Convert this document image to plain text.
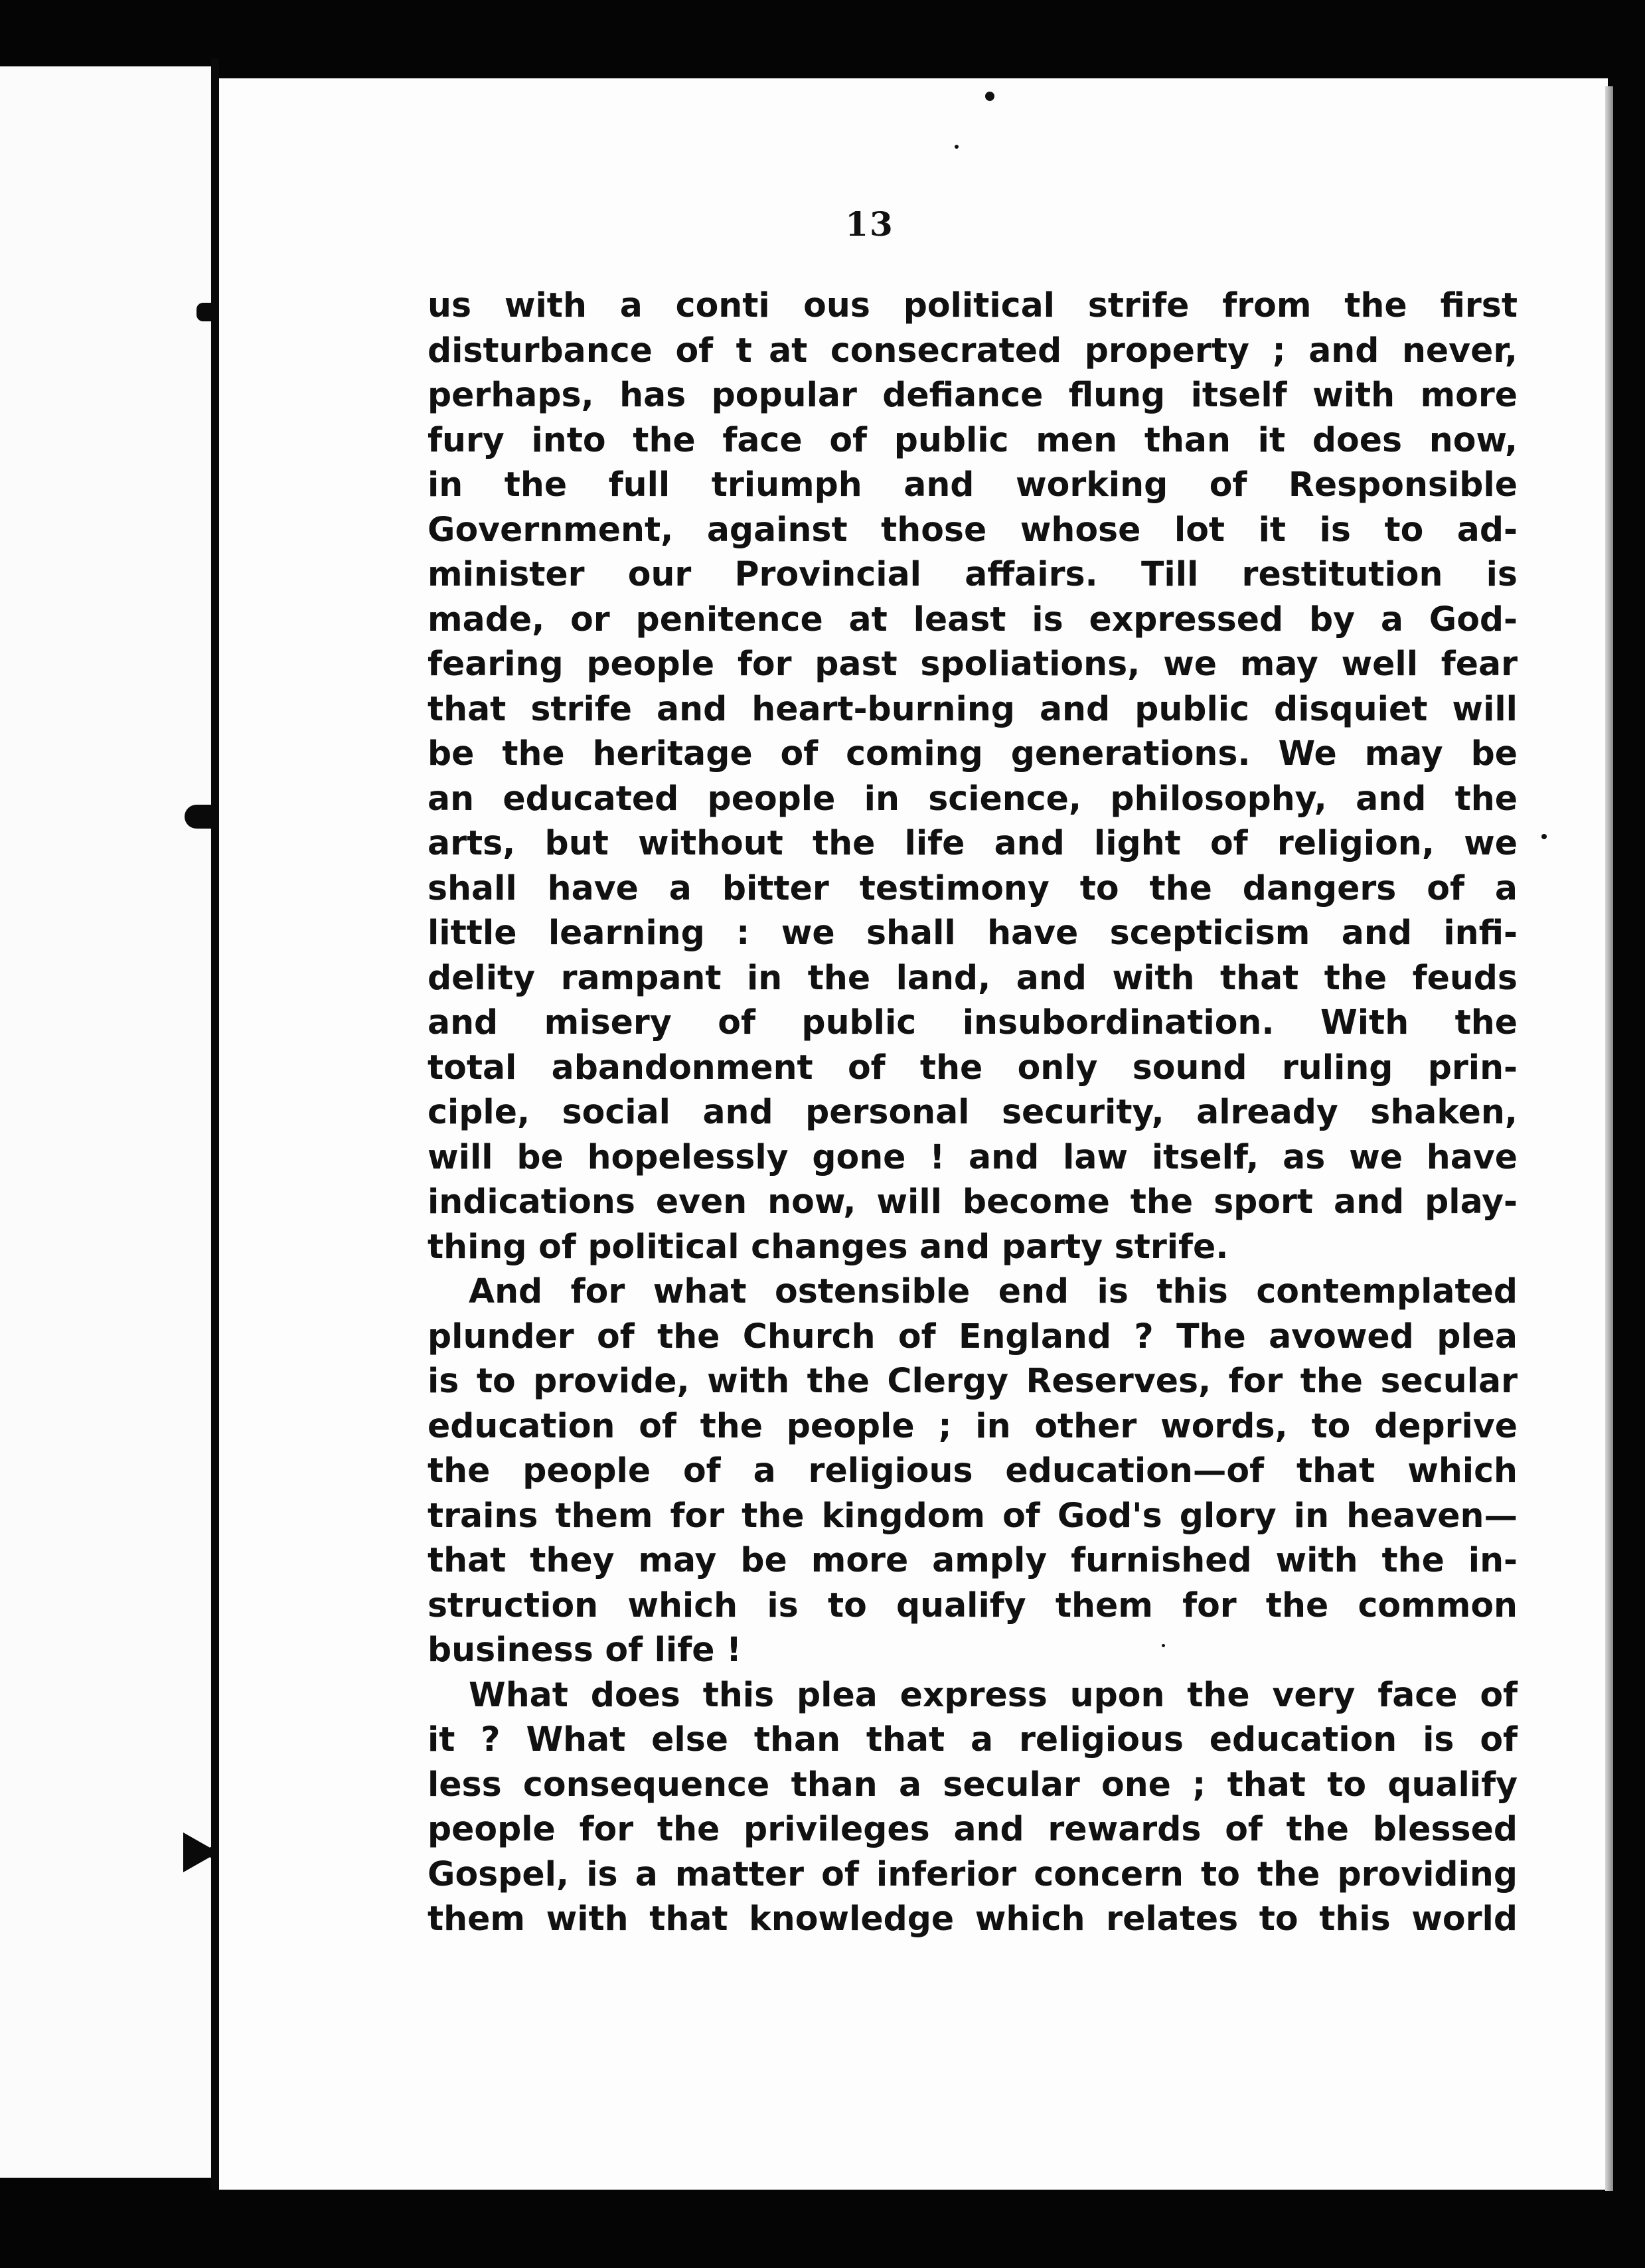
13
us with a conti ous political strife from the first
disturbance of t at consecrated property ; and never,
perhaps, has popular defiance flung itself with more
fury into the face of public men than it does now,
in the full triumph and working of Responsible
Government, against those whose lot it is to ad-
minister our Provincial affairs. Till restitution is
made, or penitence at least is expressed by a God-
fearing people for past spoliations, we may well fear
that strife and heart-burning and public disquiet will
be the heritage of coming generations. We may be
an educated people in science, philosophy, and the
arts, but without the life and light of religion, we
shall have a bitter testimony to the dangers of a
little learning : we shall have scepticism and infi-
delity rampant in the land, and with that the feuds
and misery of public insubordination. With the
total abandonment of the only sound ruling prin-
ciple, social and personal security, already shaken,
will be hopelessly gone ! and law itself, as we have
indications even now, will become the sport and play-
thing of political changes and party strife.
And for what ostensible end is this contemplated
plunder of the Church of England ? The avowed plea
is to provide, with the Clergy Reserves, for the secular
education of the people ; in other words, to deprive
the people of a religious education—of that which
trains them for the kingdom of God's glory in heaven—
that they may be more amply furnished with the in-
struction which is to qualify them for the common
business of life !
What does this plea express upon the very face of
it ? What else than that a religious education is of
less consequence than a secular one ; that to qualify
people for the privileges and rewards of the blessed
Gospel, is a matter of inferior concern to the providing
them with that knowledge which relates to this world
